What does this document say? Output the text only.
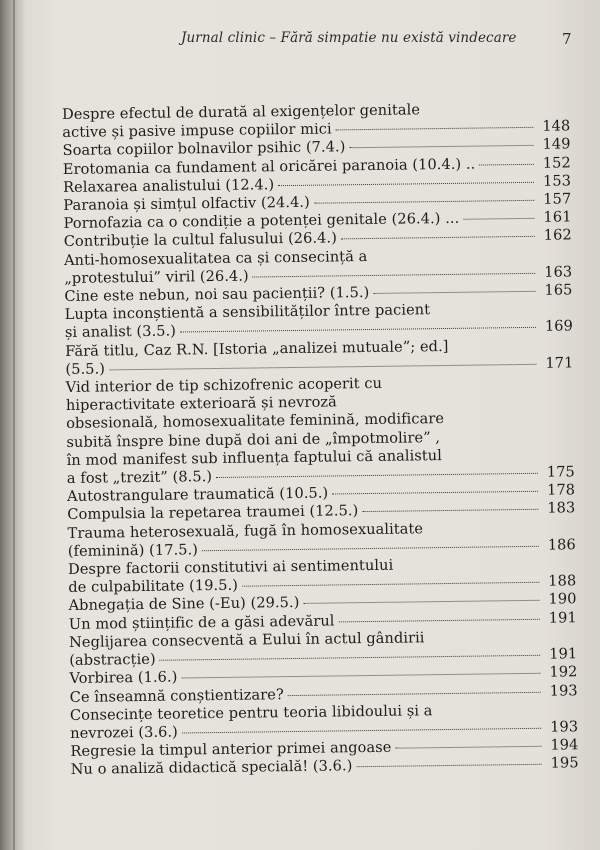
Jurnal clinic – Fără simpatie nu există vindecare	7
Despre efectul de durată al exigențelor genitale
active și pasive impuse copiilor mici	148
Soarta copiilor bolnavilor psihic (7.4.)	149
Erotomania ca fundament al oricărei paranoia (10.4.) ..	152
Relaxarea analistului (12.4.)	153
Paranoia și simțul olfactiv (24.4.)	157
Pornofazia ca o condiție a potenței genitale (26.4.) ...	161
Contribuție la cultul falusului (26.4.)	162
Anti-homosexualitatea ca și consecință a
„protestului” viril (26.4.)	163
Cine este nebun, noi sau pacienții? (1.5.)	165
Lupta inconștientă a sensibilităților între pacient
și analist (3.5.)	169
Fără titlu, Caz R.N. [Istoria „analizei mutuale”; ed.]
(5.5.)	171
Vid interior de tip schizofrenic acoperit cu
hiperactivitate exterioară și nevroză
obsesională, homosexualitate feminină, modificare
subită înspre bine după doi ani de „împotmolire” ,
în mod manifest sub influența faptului că analistul
a fost „trezit” (8.5.)	175
Autostrangulare traumatică (10.5.)	178
Compulsia la repetarea traumei (12.5.)	183
Trauma heterosexuală, fugă în homosexualitate
(feminină) (17.5.)	186
Despre factorii constitutivi ai sentimentului
de culpabilitate (19.5.)	188
Abnegația de Sine (-Eu) (29.5.)	190
Un mod științific de a găsi adevărul	191
Neglijarea consecventă a Eului în actul gândirii
(abstracție)	191
Vorbirea (1.6.)	192
Ce înseamnă conștientizare?	193
Consecințe teoretice pentru teoria libidoului și a
nevrozei (3.6.)	193
Regresie la timpul anterior primei angoase	194
Nu o analiză didactică specială! (3.6.)	195
